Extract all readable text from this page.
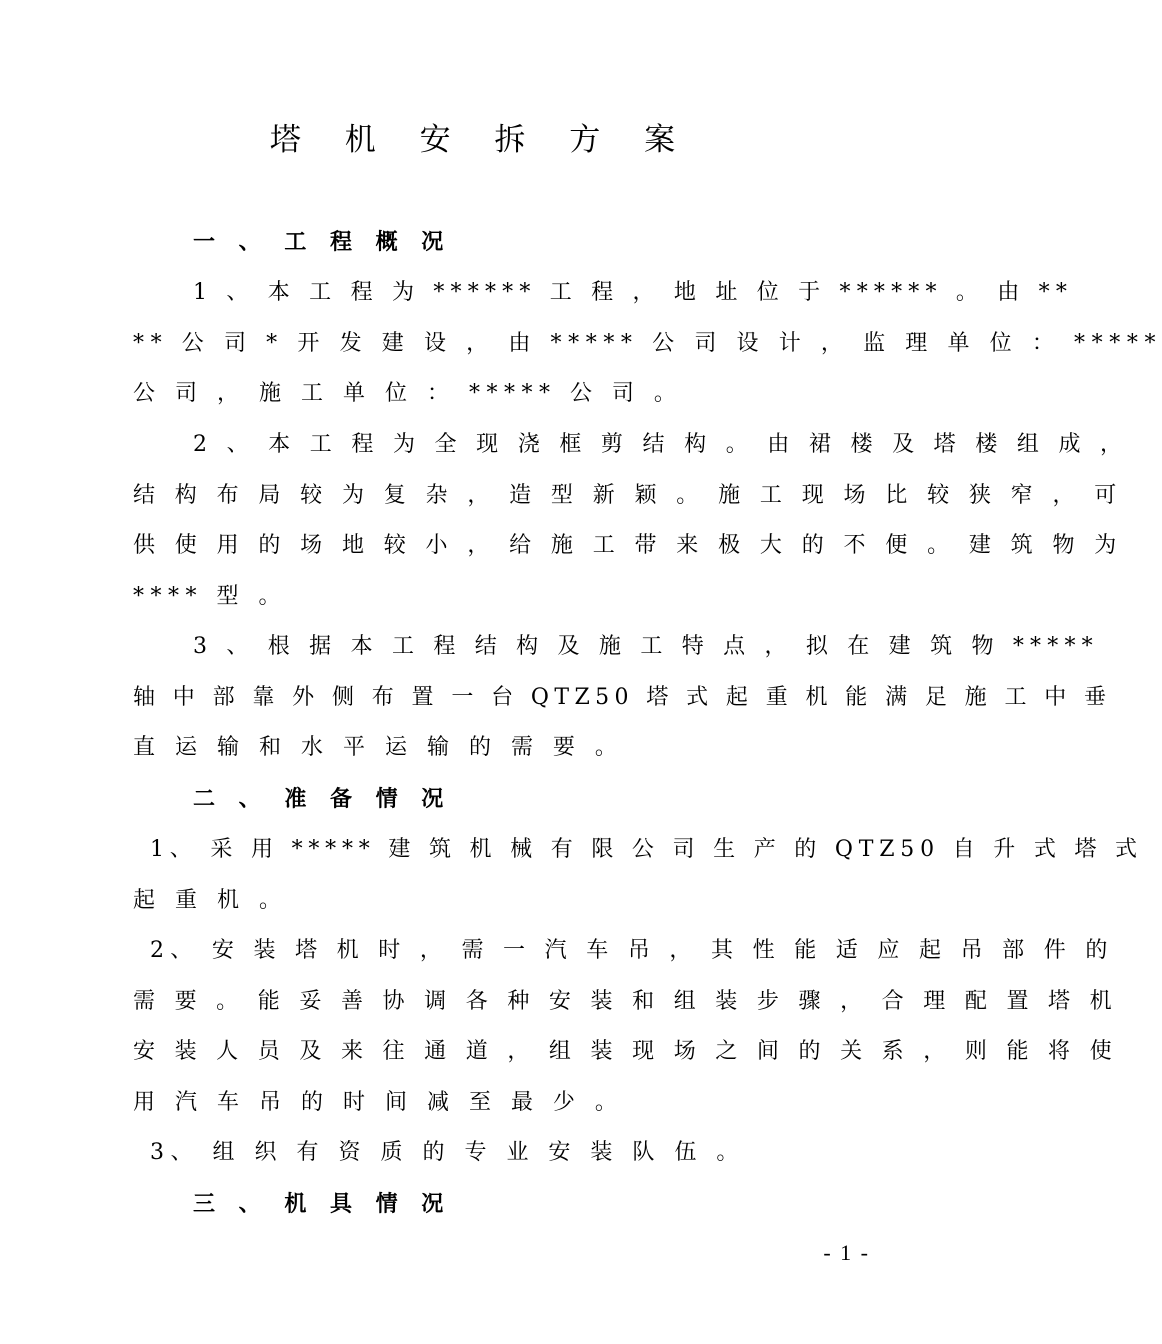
塔 机 安 拆 方 案
一 、 工 程 概 况
1 、 本 工 程 为 ****** 工 程 ， 地 址 位 于 ****** 。 由 **
** 公 司 * 开 发 建 设 ， 由 ***** 公 司 设 计 ， 监 理 单 位 ： *****
公 司 ， 施 工 单 位 ： ***** 公 司 。
2 、 本 工 程 为 全 现 浇 框 剪 结 构 。 由 裙 楼 及 塔 楼 组 成 ，
结 构 布 局 较 为 复 杂 ， 造 型 新 颖 。 施 工 现 场 比 较 狭 窄 ， 可
供 使 用 的 场 地 较 小 ， 给 施 工 带 来 极 大 的 不 便 。 建 筑 物 为
**** 型 。
3 、 根 据 本 工 程 结 构 及 施 工 特 点 ， 拟 在 建 筑 物 *****
轴 中 部 靠 外 侧 布 置 一 台 QTZ50 塔 式 起 重 机 能 满 足 施 工 中 垂
直 运 输 和 水 平 运 输 的 需 要 。
二 、 准 备 情 况
1、 采 用 ***** 建 筑 机 械 有 限 公 司 生 产 的 QTZ50 自 升 式 塔 式
起 重 机 。
2、 安 装 塔 机 时 ， 需 一 汽 车 吊 ， 其 性 能 适 应 起 吊 部 件 的
需 要 。 能 妥 善 协 调 各 种 安 装 和 组 装 步 骤 ， 合 理 配 置 塔 机
安 装 人 员 及 来 往 通 道 ， 组 装 现 场 之 间 的 关 系 ， 则 能 将 使
用 汽 车 吊 的 时 间 减 至 最 少 。
3、 组 织 有 资 质 的 专 业 安 装 队 伍 。
三 、 机 具 情 况
- 1 -
